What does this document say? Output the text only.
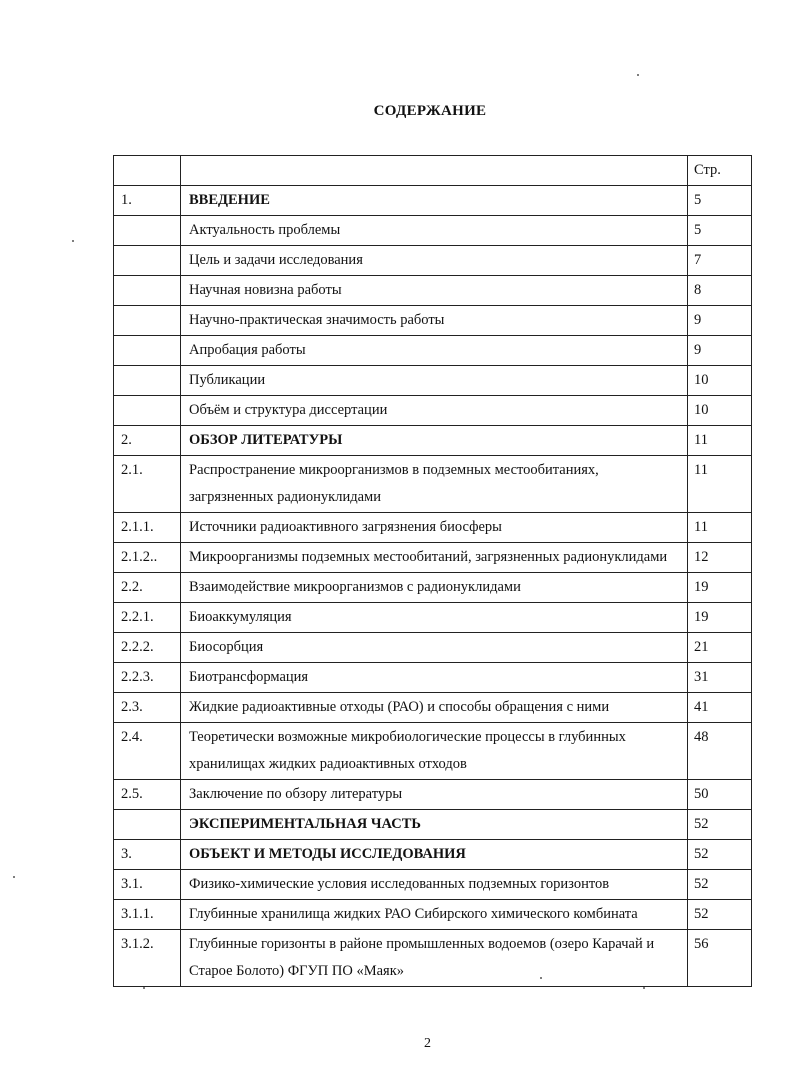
СОДЕРЖАНИЕ
		Стр.
1.	ВВЕДЕНИЕ	5
	Актуальность проблемы	5
	Цель и задачи исследования	7
	Научная новизна работы	8
	Научно-практическая значимость работы	9
	Апробация работы	9
	Публикации	10
	Объём и структура диссертации	10
2.	ОБЗОР ЛИТЕРАТУРЫ	11
2.1.	Распространение микроорганизмов в подземных местообитаниях, загрязненных радионуклидами	11
2.1.1.	Источники радиоактивного загрязнения биосферы	11
2.1.2..	Микроорганизмы подземных местообитаний, загрязненных радионуклидами	12
2.2.	Взаимодействие микроорганизмов с радионуклидами	19
2.2.1.	Биоаккумуляция	19
2.2.2.	Биосорбция	21
2.2.3.	Биотрансформация	31
2.3.	Жидкие радиоактивные отходы (РАО) и способы обращения с ними	41
2.4.	Теоретически возможные микробиологические процессы в глубинных хранилищах жидких радиоактивных отходов	48
2.5.	Заключение по обзору литературы	50
	ЭКСПЕРИМЕНТАЛЬНАЯ ЧАСТЬ	52
3.	ОБЪЕКТ И МЕТОДЫ ИССЛЕДОВАНИЯ	52
3.1.	Физико-химические условия исследованных подземных горизонтов	52
3.1.1.	Глубинные хранилища жидких РАО Сибирского химического комбината	52
3.1.2.	Глубинные горизонты в районе промышленных водоемов (озеро Карачай и Старое Болото) ФГУП ПО «Маяк»	56
2
